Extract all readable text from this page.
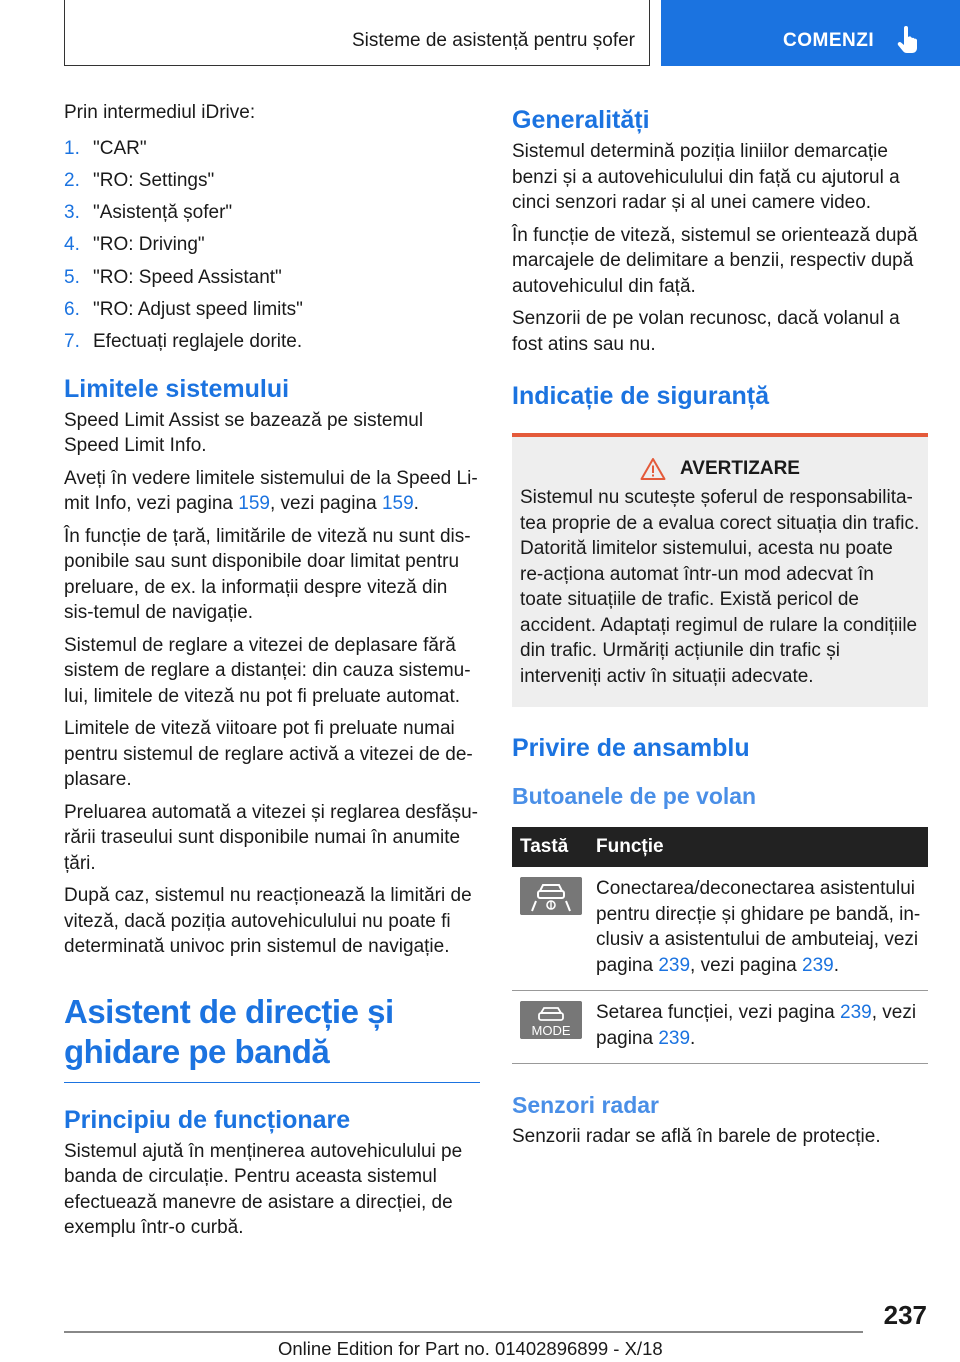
Sisteme de asistență pentru șofer	COMENZI

Prin intermediul iDrive:

1. "CAR"
2. "RO: Settings"
3. "Asistență șofer"
4. "RO: Driving"
5. "RO: Speed Assistant"
6. "RO: Adjust speed limits"
7. Efectuați reglajele dorite.
Limitele sistemului

Speed Limit Assist se bazează pe sistemul Speed Limit Info.

Aveți în vedere limitele sistemului de la Speed Li-mit Info, vezi pagina 159, vezi pagina 159.

În funcție de țară, limitările de viteză nu sunt dis-ponibile sau sunt disponibile doar limitat pentru preluare, de ex. la informații despre viteză din sis-temul de navigație.

Sistemul de reglare a vitezei de deplasare fără sistem de reglare a distanței: din cauza sistemu-lui, limitele de viteză nu pot fi preluate automat.

Limitele de viteză viitoare pot fi preluate numai pentru sistemul de reglare activă a vitezei de de-plasare.

Preluarea automată a vitezei și reglarea desfășu-rării traseului sunt disponibile numai în anumite țări.

După caz, sistemul nu reacționează la limitări de viteză, dacă poziția autovehiculului nu poate fi determinată univoc prin sistemul de navigație.

Asistent de direcție și ghidare pe bandă
Principiu de funcționare

Sistemul ajută în menținerea autovehiculului pe banda de circulație. Pentru aceasta sistemul efectuează manevre de asistare a direcției, de exemplu într-o curbă.

Generalități

Sistemul determină poziția liniilor demarcație benzi și a autovehiculului din față cu ajutorul a cinci senzori radar și al unei camere video.

În funcție de viteză, sistemul se orientează după marcajele de delimitare a benzii, respectiv după autovehiculul din față.

Senzorii de pe volan recunosc, dacă volanul a fost atins sau nu.

Indicație de siguranță
AVERTIZARE

Sistemul nu scutește șoferul de responsabilita-tea proprie de a evalua corect situația din trafic. Datorită limitelor sistemului, acesta nu poate re-acționa automat într-un mod adecvat în toate situațiile de trafic. Există pericol de accident. Adaptați regimul de rulare la condițiile din trafic. Urmăriți acțiunile din trafic și interveniți activ în situații adecvate.

Privire de ansamblu
Butoanele de pe volan
Tastă	Funcție

	Conectarea/deconectarea asistentului pentru direcție și ghidare pe bandă, in-clusiv a asistentului de ambuteiaj, vezi pagina 239, vezi pagina 239.

MODE	Setarea funcției, vezi pagina 239, vezi pagina 239.
Senzori radar

Senzorii radar se află în barele de protecție.

237
Online Edition for Part no. 01402896899 - X/18
